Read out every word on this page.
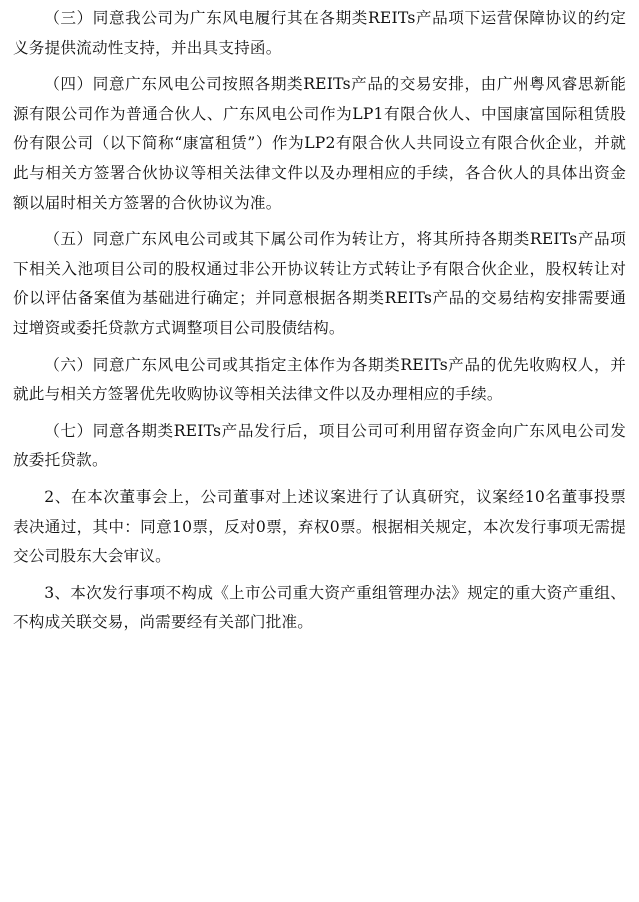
（三）同意我公司为广东风电履行其在各期类REITs产品项下运营保障协议的约定义务提供流动性支持，并出具支持函。

（四）同意广东风电公司按照各期类REITs产品的交易安排，由广州粤风睿思新能源有限公司作为普通合伙人、广东风电公司作为LP1有限合伙人、中国康富国际租赁股份有限公司（以下简称“康富租赁”）作为LP2有限合伙人共同设立有限合伙企业，并就此与相关方签署合伙协议等相关法律文件以及办理相应的手续，各合伙人的具体出资金额以届时相关方签署的合伙协议为准。

（五）同意广东风电公司或其下属公司作为转让方，将其所持各期类REITs产品项下相关入池项目公司的股权通过非公开协议转让方式转让予有限合伙企业，股权转让对价以评估备案值为基础进行确定；并同意根据各期类REITs产品的交易结构安排需要通过增资或委托贷款方式调整项目公司股债结构。

（六）同意广东风电公司或其指定主体作为各期类REITs产品的优先收购权人，并就此与相关方签署优先收购协议等相关法律文件以及办理相应的手续。

（七）同意各期类REITs产品发行后，项目公司可利用留存资金向广东风电公司发放委托贷款。

2、在本次董事会上，公司董事对上述议案进行了认真研究，议案经10名董事投票表决通过，其中：同意10票，反对0票，弃权0票。根据相关规定，本次发行事项无需提交公司股东大会审议。

3、本次发行事项不构成《上市公司重大资产重组管理办法》规定的重大资产重组、不构成关联交易，尚需要经有关部门批准。
